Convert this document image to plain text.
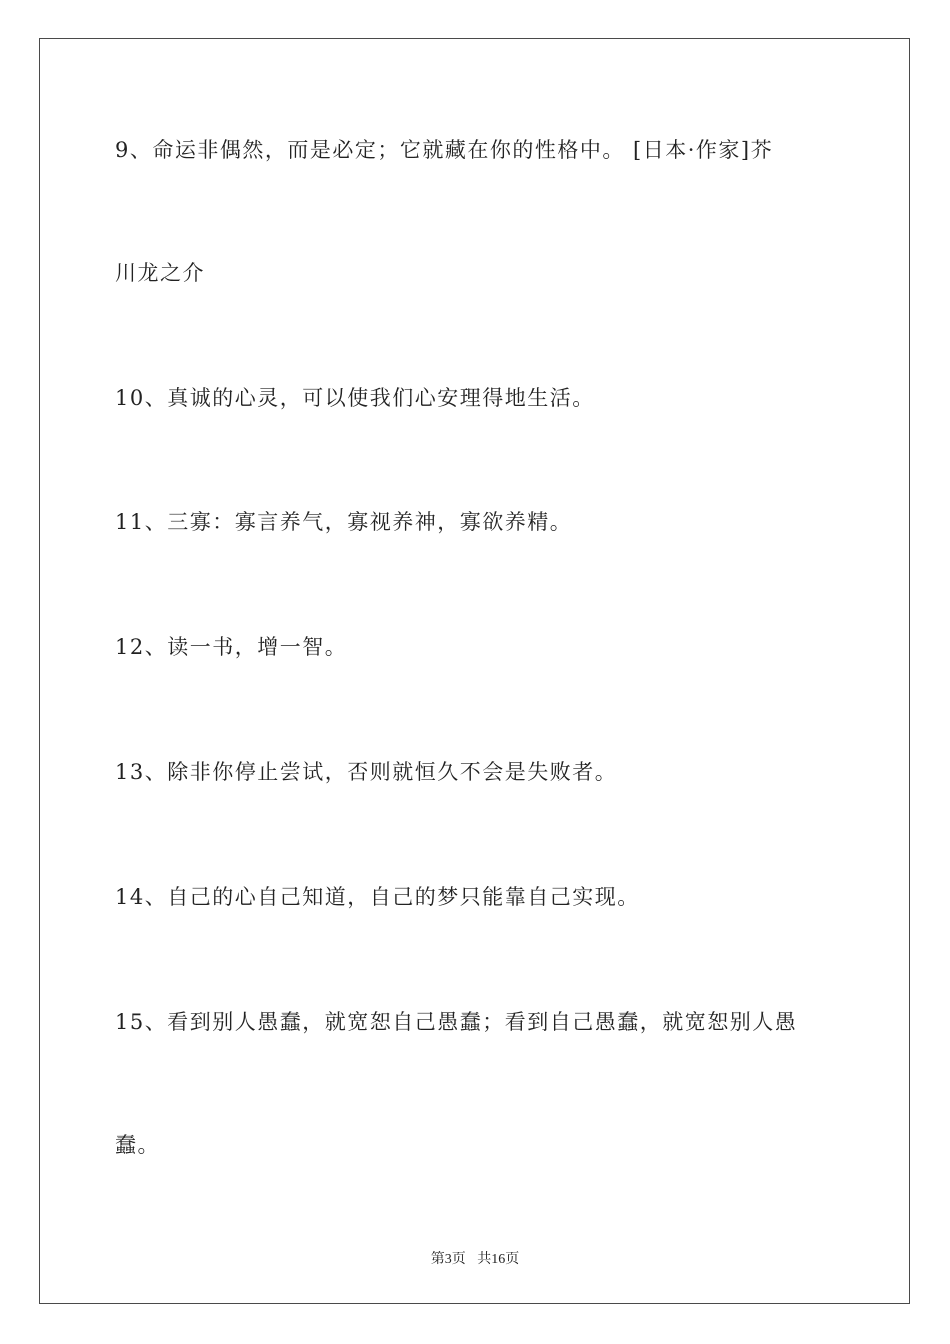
9、命运非偶然，而是必定；它就藏在你的性格中。 [日本·作家]芥
川龙之介
10、真诚的心灵，可以使我们心安理得地生活。
11、三寡：寡言养气，寡视养神，寡欲养精。
12、读一书，增一智。
13、除非你停止尝试，否则就恒久不会是失败者。
14、自己的心自己知道，自己的梦只能靠自己实现。
15、看到别人愚蠢，就宽恕自己愚蠢；看到自己愚蠢，就宽恕别人愚
蠢。
第3页 共16页
